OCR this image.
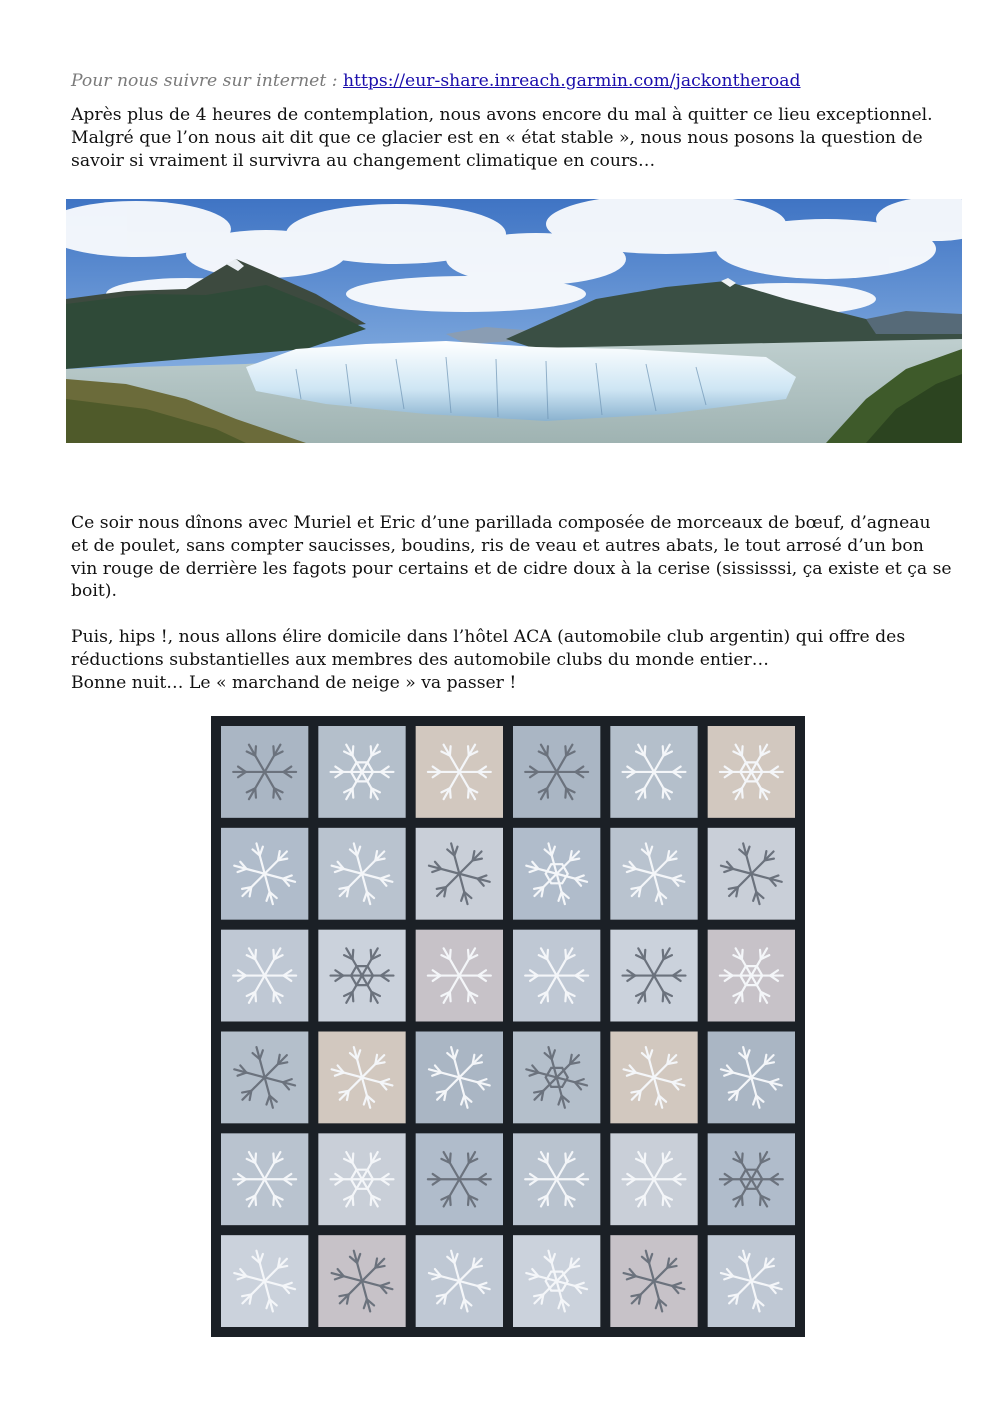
Pour nous suivre sur internet : https://eur-share.inreach.garmin.com/jackontheroad
Après plus de 4 heures de contemplation, nous avons encore du mal à quitter ce lieu exceptionnel.
Malgré que l’on nous ait dit que ce glacier est en « état stable », nous nous posons la question de
savoir si vraiment il survivra au changement climatique en cours…
Ce soir nous dînons avec Muriel et Eric d’une parillada composée de morceaux de bœuf, d’agneau
et de poulet, sans compter saucisses, boudins, ris de veau et autres abats, le tout arrosé d’un bon
vin rouge de derrière les fagots pour certains et de cidre doux à la cerise (sississsi, ça existe et ça se
boit).
Puis, hips !, nous allons élire domicile dans l’hôtel ACA (automobile club argentin) qui offre des
réductions substantielles aux membres des automobile clubs du monde entier…
Bonne nuit… Le « marchand de neige » va passer !
